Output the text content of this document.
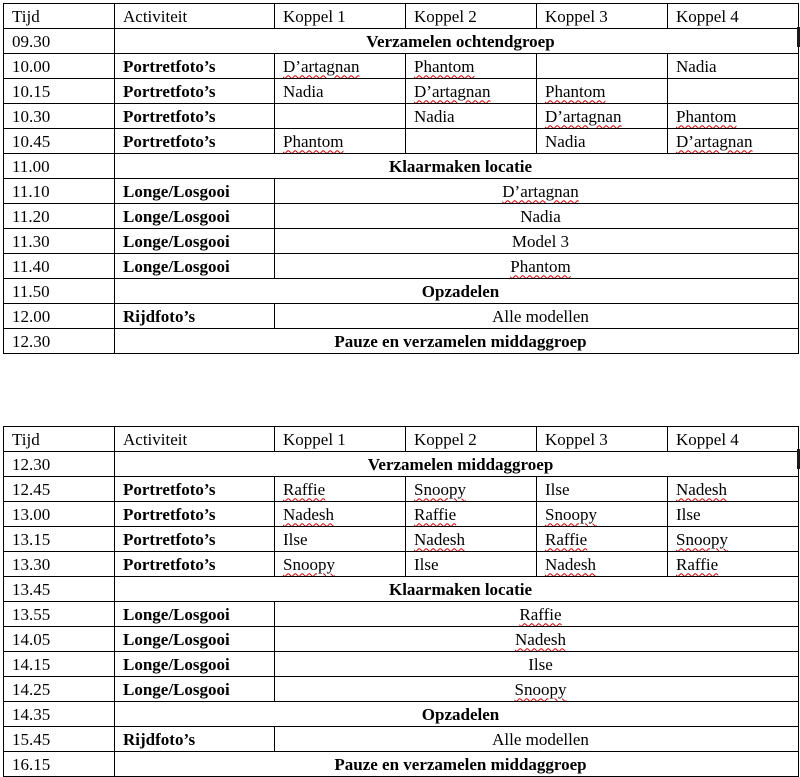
Tijd	Activiteit	Koppel 1	Koppel 2	Koppel 3	Koppel 4
09.30	Verzamelen ochtendgroep				
10.00	Portretfoto’s	D’artagnan	Phantom		Nadia
10.15	Portretfoto’s	Nadia	D’artagnan	Phantom	
10.30	Portretfoto’s		Nadia	D’artagnan	Phantom
10.45	Portretfoto’s	Phantom		Nadia	D’artagnan
11.00	Klaarmaken locatie				
11.10	Longe/Losgooi	D’artagnan			
11.20	Longe/Losgooi	Nadia			
11.30	Longe/Losgooi	Model 3			
11.40	Longe/Losgooi	Phantom			
11.50	Opzadelen				
12.00	Rijdfoto’s	Alle modellen			
12.30	Pauze en verzamelen middaggroep				
Tijd	Activiteit	Koppel 1	Koppel 2	Koppel 3	Koppel 4
12.30	Verzamelen middaggroep				
12.45	Portretfoto’s	Raffie	Snoopy	Ilse	Nadesh
13.00	Portretfoto’s	Nadesh	Raffie	Snoopy	Ilse
13.15	Portretfoto’s	Ilse	Nadesh	Raffie	Snoopy
13.30	Portretfoto’s	Snoopy	Ilse	Nadesh	Raffie
13.45	Klaarmaken locatie				
13.55	Longe/Losgooi	Raffie			
14.05	Longe/Losgooi	Nadesh			
14.15	Longe/Losgooi	Ilse			
14.25	Longe/Losgooi	Snoopy			
14.35	Opzadelen				
15.45	Rijdfoto’s	Alle modellen			
16.15	Pauze en verzamelen middaggroep				
